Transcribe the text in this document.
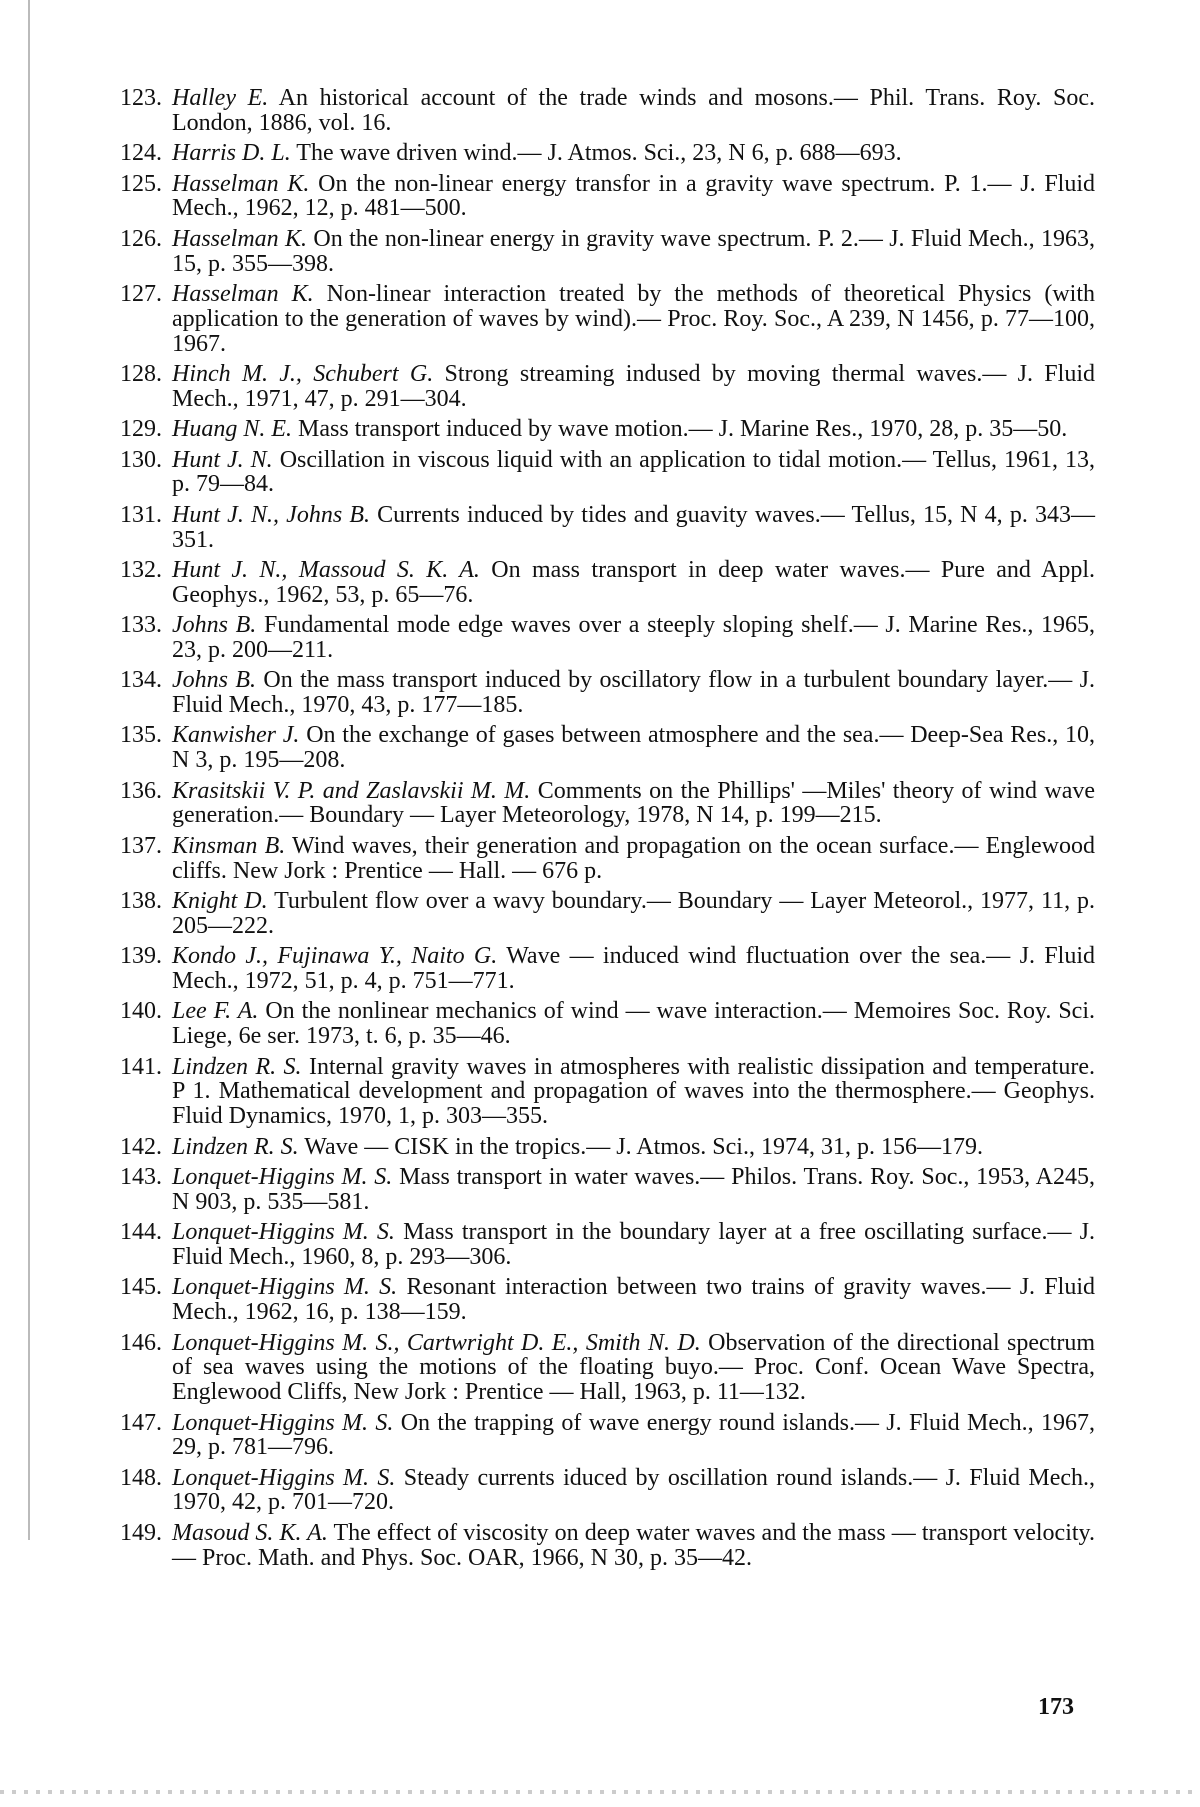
123. Halley E. An historical account of the trade winds and mosons.— Phil. Trans. Roy. Soc. London, 1886, vol. 16.
124. Harris D. L. The wave driven wind.— J. Atmos. Sci., 23, N 6, p. 688—693.
125. Hasselman K. On the non-linear energy transfor in a gravity wave spectrum. P. 1.— J. Fluid Mech., 1962, 12, p. 481—500.
126. Hasselman K. On the non-linear energy in gravity wave spectrum. P. 2.— J. Fluid Mech., 1963, 15, p. 355—398.
127. Hasselman K. Non-linear interaction treated by the methods of theoretical Physics (with application to the generation of waves by wind).— Proc. Roy. Soc., A 239, N 1456, p. 77—100, 1967.
128. Hinch M. J., Schubert G. Strong streaming indused by moving thermal waves.— J. Fluid Mech., 1971, 47, p. 291—304.
129. Huang N. E. Mass transport induced by wave motion.— J. Marine Res., 1970, 28, p. 35—50.
130. Hunt J. N. Oscillation in viscous liquid with an application to tidal motion.— Tellus, 1961, 13, p. 79—84.
131. Hunt J. N., Johns B. Currents induced by tides and guavity waves.— Tellus, 15, N 4, p. 343—351.
132. Hunt J. N., Massoud S. K. A. On mass transport in deep water waves.— Pure and Appl. Geophys., 1962, 53, p. 65—76.
133. Johns B. Fundamental mode edge waves over a steeply sloping shelf.— J. Marine Res., 1965, 23, p. 200—211.
134. Johns B. On the mass transport induced by oscillatory flow in a turbulent boundary layer.— J. Fluid Mech., 1970, 43, p. 177—185.
135. Kanwisher J. On the exchange of gases between atmosphere and the sea.— Deep-Sea Res., 10, N 3, p. 195—208.
136. Krasitskii V. P. and Zaslavskii M. M. Comments on the Phillips' —Miles' theory of wind wave generation.— Boundary — Layer Meteorology, 1978, N 14, p. 199—215.
137. Kinsman B. Wind waves, their generation and propagation on the ocean surface.— Englewood cliffs. New Jork : Prentice — Hall. — 676 p.
138. Knight D. Turbulent flow over a wavy boundary.— Boundary — Layer Meteorol., 1977, 11, p. 205—222.
139. Kondo J., Fujinawa Y., Naito G. Wave — induced wind fluctuation over the sea.— J. Fluid Mech., 1972, 51, p. 4, p. 751—771.
140. Lee F. A. On the nonlinear mechanics of wind — wave interaction.— Memoires Soc. Roy. Sci. Liege, 6e ser. 1973, t. 6, p. 35—46.
141. Lindzen R. S. Internal gravity waves in atmospheres with realistic dissipation and temperature. P 1. Mathematical development and propagation of waves into the thermosphere.— Geophys. Fluid Dynamics, 1970, 1, p. 303—355.
142. Lindzen R. S. Wave — CISK in the tropics.— J. Atmos. Sci., 1974, 31, p. 156—179.
143. Lonquet-Higgins M. S. Mass transport in water waves.— Philos. Trans. Roy. Soc., 1953, A245, N 903, p. 535—581.
144. Lonquet-Higgins M. S. Mass transport in the boundary layer at a free oscillating surface.— J. Fluid Mech., 1960, 8, p. 293—306.
145. Lonquet-Higgins M. S. Resonant interaction between two trains of gravity waves.— J. Fluid Mech., 1962, 16, p. 138—159.
146. Lonquet-Higgins M. S., Cartwright D. E., Smith N. D. Observation of the directional spectrum of sea waves using the motions of the floating buyo.— Proc. Conf. Ocean Wave Spectra, Englewood Cliffs, New Jork : Prentice — Hall, 1963, p. 11—132.
147. Lonquet-Higgins M. S. On the trapping of wave energy round islands.— J. Fluid Mech., 1967, 29, p. 781—796.
148. Lonquet-Higgins M. S. Steady currents iduced by oscillation round islands.— J. Fluid Mech., 1970, 42, p. 701—720.
149. Masoud S. K. A. The effect of viscosity on deep water waves and the mass — transport velocity.— Proc. Math. and Phys. Soc. OAR, 1966, N 30, p. 35—42.
173
